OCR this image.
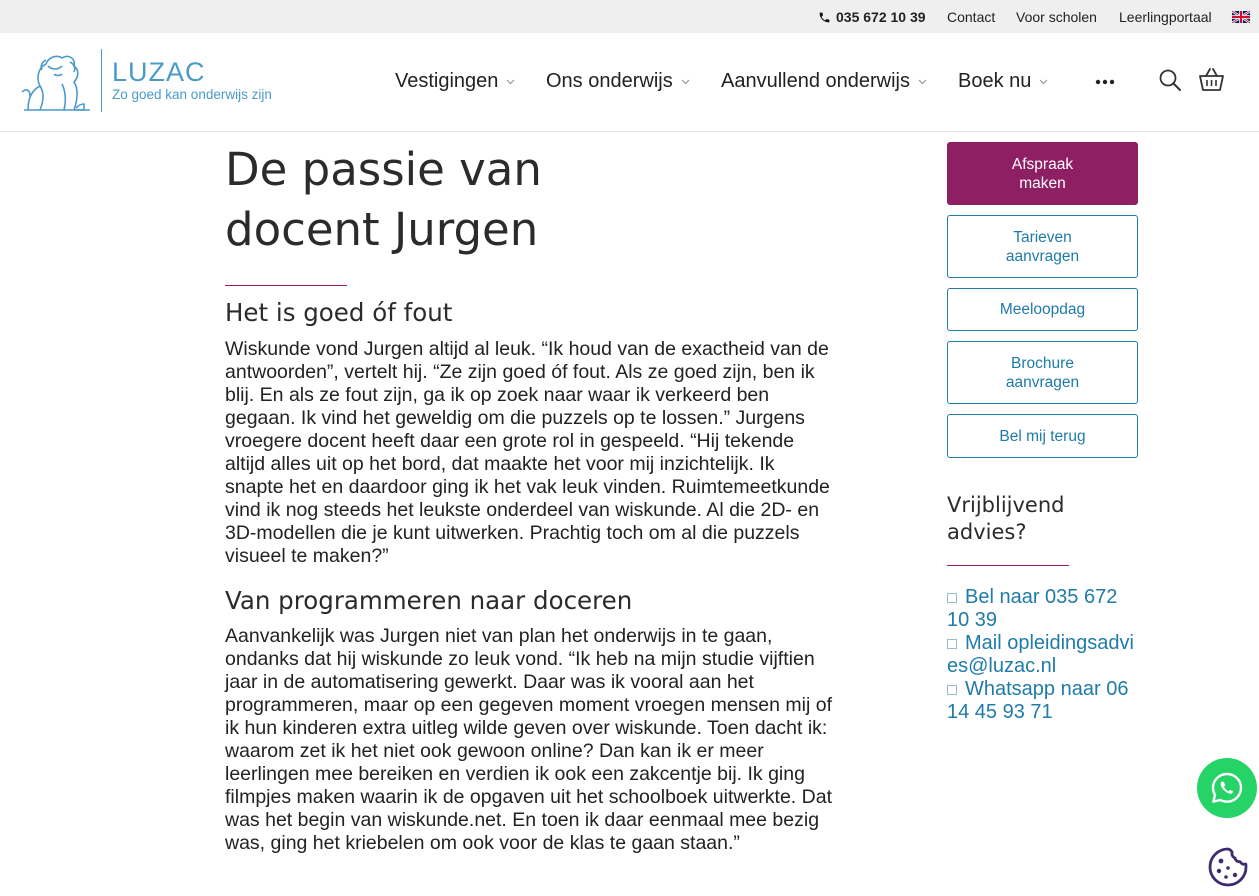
035 672 10 39 Contact Voor scholen Leerlingportaal
LUZAC
Zo goed kan onderwijs zijn
Vestigingen Ons onderwijs Aanvullend onderwijs Boek nu
De passie van docent Jurgen
Het is goed óf fout

Wiskunde vond Jurgen altijd al leuk. “Ik houd van de exactheid van de antwoorden”, vertelt hij. “Ze zijn goed óf fout. Als ze goed zijn, ben ik blij. En als ze fout zijn, ga ik op zoek naar waar ik verkeerd ben gegaan. Ik vind het geweldig om die puzzels op te lossen.” Jurgens vroegere docent heeft daar een grote rol in gespeeld. “Hij tekende altijd alles uit op het bord, dat maakte het voor mij inzichtelijk. Ik snapte het en daardoor ging ik het vak leuk vinden. Ruimtemeetkunde vind ik nog steeds het leukste onderdeel van wiskunde. Al die 2D- en 3D-modellen die je kunt uitwerken. Prachtig toch om al die puzzels visueel te maken?”

Van programmeren naar doceren

Aanvankelijk was Jurgen niet van plan het onderwijs in te gaan, ondanks dat hij wiskunde zo leuk vond. “Ik heb na mijn studie vijftien jaar in de automatisering gewerkt. Daar was ik vooral aan het programmeren, maar op een gegeven moment vroegen mensen mij of ik hun kinderen extra uitleg wilde geven over wiskunde. Toen dacht ik: waarom zet ik het niet ook gewoon online? Dan kan ik er meer leerlingen mee bereiken en verdien ik ook een zakcentje bij. Ik ging filmpjes maken waarin ik de opgaven uit het schoolboek uitwerkte. Dat was het begin van wiskunde.net. En toen ik daar eenmaal mee bezig was, ging het kriebelen om ook voor de klas te gaan staan.”

Afspraak maken
Tarieven aanvragen
Meeloopdag
Brochure aanvragen
Bel mij terug
Vrijblijvend advies?
Bel naar 035 672 10 39
Mail opleidingsadvies@luzac.nl
Whatsapp naar 06 14 45 93 71
